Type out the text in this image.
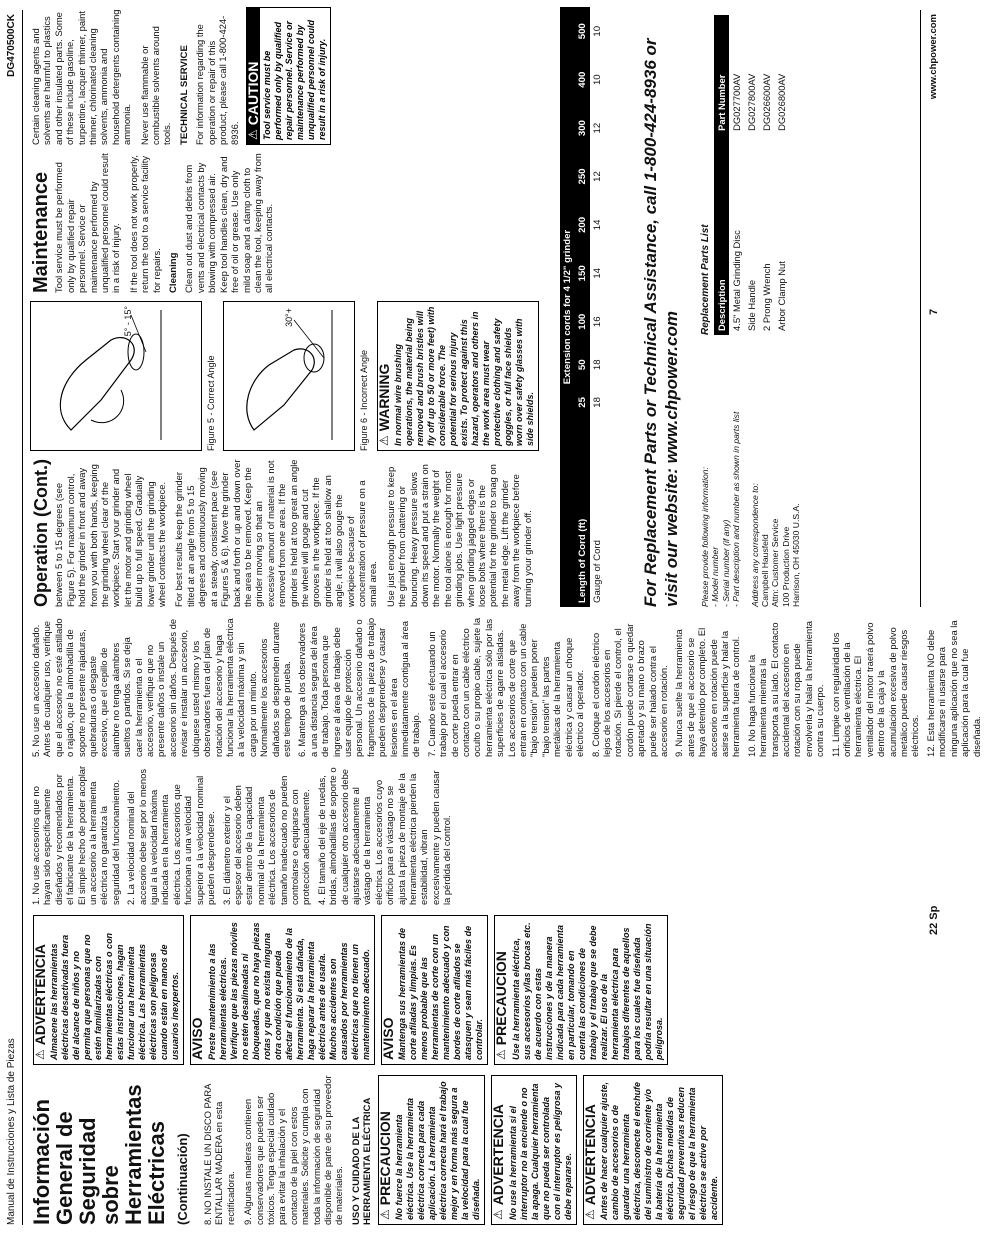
Manual de Instrucciones y Lista de Piezas
DG470500CK
Información General de Seguridad sobre Herramientas Eléctricas (Continuación)	8. NO INSTALE UN DISCO PARA ENTALLAR MADERA en esta rectificadora. 9. Algunas maderas contienen conservadores que pueden ser tóxicos. Tenga especial cuidado para evitar la inhalación y el contacto de la piel con estos materiales. Solicite y cumpla con toda la información de seguridad disponible de parte de su proveedor de materiales. USO Y CUIDADO DE LA HERRAMIENTA ELÉCTRICA ⚠
PRECAUCION No fuerce la herramienta eléctrica. Use la herramienta eléctrica correcta para cada aplicación. La herramienta eléctrica correcta hará el trabajo mejor y en forma más segura a la velocidad para la cual fue diseñada. ⚠
ADVERTENCIA No use la herramienta si el interruptor no la enciende o no la apaga. Cualquier herramienta que no pueda ser controlada con el interruptor es peligrosa y debe repararse. ⚠
ADVERTENCIA Antes de hacer cualquier ajuste, cambio de accesorios o de guardar una herramienta eléctrica, desconecte el enchufe del suministro de corriente y/o la batería de la herramienta eléctrica. Dichas medidas de seguridad preventivas reducen el riesgo de que la herramienta eléctrica se active por accidente.
⚠
ADVERTENCIA Almacene las herramientas eléctricas desactivadas fuera del alcance de niños y no permita que personas que no estén familiarizadas con herramientas eléctricas o con estas instrucciones, hagan funcionar una herramienta eléctrica. Las herramientas eléctricas son peligrosas cuando están en manos de usuarios inexpertos. AVISO Preste mantenimiento a las herramientas eléctricas. Verifique que las piezas móviles no estén desalineadas ni bloqueadas, que no haya piezas rotas y que no exista ninguna otra condición que pueda afectar el funcionamiento de la herramienta. Si está dañada, haga reparar la herramienta eléctrica antes de usarla. Muchos accidentes son causados por herramientas eléctricas que no tienen un mantenimiento adecuado. AVISO Mantenga sus herramientas de corte afiladas y limpias. Es menos probable que las herramientas de corte con un mantenimiento adecuado y con bordes de corte afilados se atasquen y sean más fáciles de controlar. ⚠
PRECAUCION Use la herramienta eléctrica, sus accesorios y/las brocas etc. de acuerdo con estas instrucciones y de la manera indicada para cada herramienta en particular, tomando en cuenta las condiciones de trabajo y el trabajo que se debe realizar. El uso de la herramienta eléctrica para trabajos diferentes de aquellos para los cuales fue diseñada podría resultar en una situación peligrosa.
1. No use accesorios que no hayan sido específicamente diseñados y recomendados por el fabricante de la herramienta. El simple hecho de poder acoplar un accesorio a la herramienta eléctrica no garantiza la seguridad del funcionamiento. 2. La velocidad nominal del accesorio debe ser por lo menos igual a la velocidad máxima indicada en la herramienta eléctrica. Los accesorios que funcionan a una velocidad superior a la velocidad nominal pueden desprenderse. 3. El diámetro exterior y el espesor del accesorio deben estar dentro de la capacidad nominal de la herramienta eléctrica. Los accesorios de tamaño inadecuado no pueden controlarse o equiparse con protección adecuadamente. 4. El tamaño del eje de ruedas, bridas, almohadillas de soporte o de cualquier otro accesorio debe ajustarse adecuadamente al vástago de la herramienta eléctrica. Los accesorios cuyo orificio para el vástago no se ajusta la pieza de montaje de la herramienta eléctrica pierden la estabilidad, vibran excesivamente y pueden causar la pérdida del control.
5. No use un accesorio dañado. Antes de cualquier uso, verifique que el accesorio no esté astillado o rajado, que la almohadilla de soporte no presente rajaduras, quebraduras o desgaste excesivo, que el cepillo de alambre no tenga alambres sueltos o partidos. Si se deja caer la herramienta o el accesorio, verifique que no presente daños o instale un accesorio sin daños. Después de revisar e instalar un accesorio, ubíquese usted mismo y los observadores fuera del plan de rotación del accesorio y haga funcionar la herramienta eléctrica a la velocidad máxima y sin carga por un minuto. Normalmente los accesorios dañados se desprenden durante este tiempo de prueba. 6. Mantenga a los observadores a una distancia segura del área de trabajo. Toda persona que ingrese al área de trabajo debe usar equipo de protección personal. Un accesorio dañado o fragmentos de la pieza de trabajo pueden desprenderse y causar lesiones en el área inmediatamente contigua al área de trabajo. 7. Cuando esté efectuando un trabajo por el cual el accesorio de corte pueda entrar en contacto con un cable eléctrico oculto o su propio cable, sujete la herramienta eléctrica sólo por las superficies de agarre aisladas. Los accesorios de corte que entran en contacto con un cable "bajo tensión" pueden poner "bajo tensión" las partes metálicas de la herramienta eléctrica y causar un choque eléctrico al operador. 8. Coloque el cordón eléctrico lejos de los accesorios en rotación. Si pierde el control, el cordón puede cortarse o quedar apretado y su mano o brazo puede ser halado contra el accesorio en rotación. 9. Nunca suelte la herramienta antes de que el accesorio se haya detenido por completo. El accesorio en rotación puede asirse a la superficie y halar la herramienta fuera de control. 10. No haga funcionar la herramienta mientras la transporta a su lado. El contacto accidental del accesorio en rotación con su ropa puede envolverla y halar la herramienta contra su cuerpo. 11. Limpie con regularidad los orificios de ventilación de la herramienta eléctrica. El ventilador del motor traerá polvo dentro de la caja y la acumulación excesiva de polvo metálico puede causar riesgos eléctricos. 12. Esta herramienta NO debe modificarse ni usarse para ninguna aplicación que no sea la aplicación para la cual fue diseñada.
22 Sp
Operation (Cont.) between 5 to 15 degrees (see Figure 5). For maximum control, hold the grinder in front and away from you with both hands, keeping the grinding wheel clear of the workpiece. Start your grinder and let the motor and grinding wheel build up to full speed. Gradually lower grinder until the grinding wheel contacts the workpiece. For best results keep the grinder tilted at an angle from 5 to 15 degrees and continuously moving at a steady, consistent pace (see Figures 5 & 6). Move the grinder back and forth or up and down over the area to be removed. Keep the grinder moving so that an excessive amount of material is not removed from one area. If the grinder is held at too great an angle the wheel will gouge and cut grooves in the workpiece. If the grinder is held at too shallow an angle, it will also gouge the workpiece because of concentration of pressure on a small area. Use just enough pressure to keep the grinder from chattering or bouncing. Heavy pressure slows down its speed and put a strain on the motor. Normally the weight of the tool alone is enough for most grinding jobs. Use light pressure when grinding jagged edges or loose bolts where there is the potential for the grinder to snag on the metal edge. Lift the grinder away from the workpiece before turning your grinder off.

5° - 15°
Figure 5 - Correct Angle
30°+
Figure 6 - Incorrect Angle ⚠
WARNING In normal wire brushing operations, the material being removed and brush bristles will fly off up to 50 or more feet) with considerable force. The potential for serious injury exists. To protect against this hazard, operators and others in the work area must wear protective clothing and safety goggles, or full face shields worn over safety glasses with side shields.
Maintenance Tool service must be performed only by qualified repair personnel. Service or maintenance performed by unqualified personnel could result in a risk of injury. If the tool does not work properly, return the tool to a service facility for repairs. Cleaning Clean out dust and debris from vents and electrical contacts by blowing with compressed air. Keep tool handles clean, dry and free of oil or grease. Use only mild soap and a damp cloth to clean the tool, keeping away from all electrical contacts.

Certain cleaning agents and solvents are harmful to plastics and other insulated parts. Some of these include gasoline, turpentine, lacquer thinner, paint thinner, chlorinated cleaning solvents, ammonia and household detergents containing ammonia. Never use flammable or combustible solvents around tools. TECHNICAL SERVICE For information regarding the operation or repair of this product, please call 1-800-424-8936. ⚠
CAUTION Tool service must be performed only by qualified repair personnel. Service or maintenance performed by unqualified personnel could result in a risk of injury.
Extension cords for 4 1/2" grinder									
Length of Cord (ft)	25	50	100	150	200	250	300	400	500
Gauge of Cord	18	18	16	14	14	12	12	10	10
For Replacement Parts or Technical Assistance, call 1-800-424-8936 or visit our website: www.chpower.com Please provide following information: - Model number - Serial number (if any) - Part description and number as shown in parts list Address any correspondence to: Campbell Hausfeld Attn: Customer Service 100 Production Drive Harrison, OH 45030 U.S.A.
Replacement Parts List Description	Part Number
4.5" Metal Grinding Disc	DG027700AV
Side Handle	DG027800AV
2 Prong Wrench	DG026600AV
Arbor Clamp Nut	DG026800AV
7
www.chpower.com
